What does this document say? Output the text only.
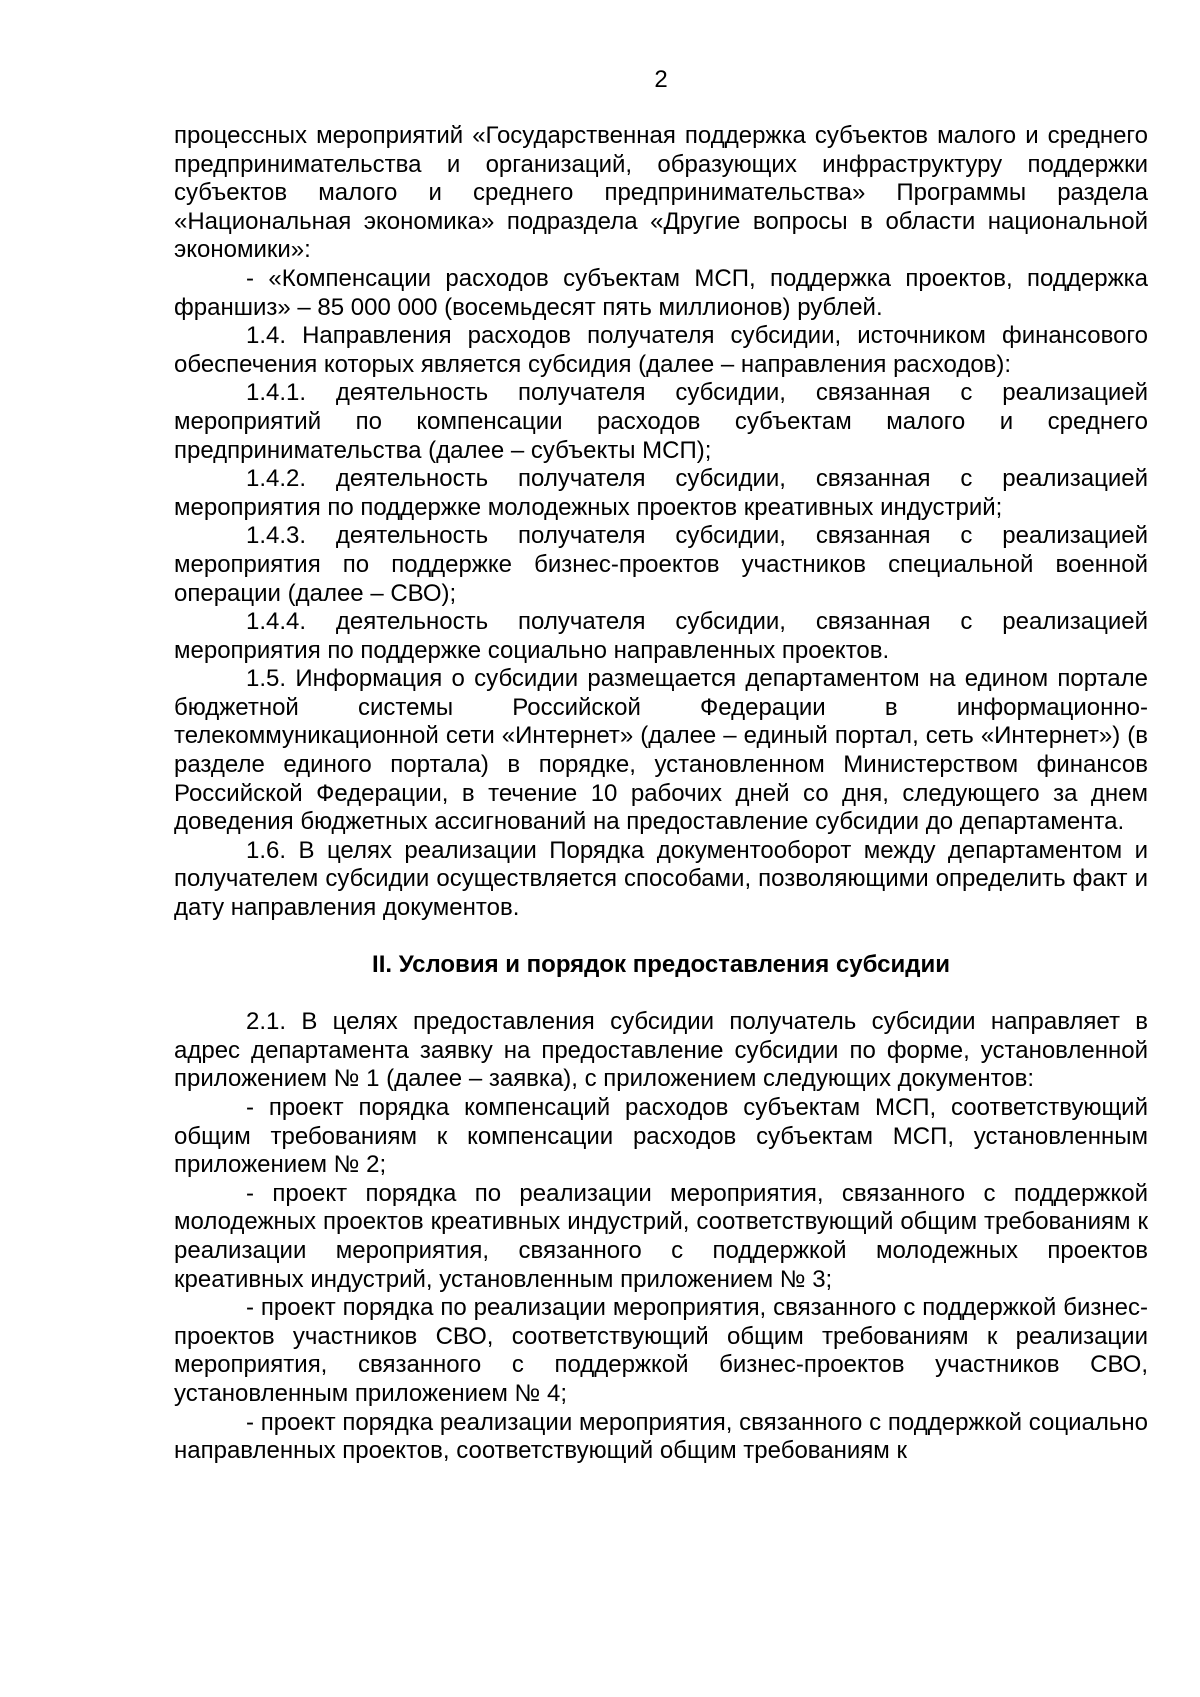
2

процессных мероприятий «Государственная поддержка субъектов малого и среднего предпринимательства и организаций, образующих инфраструктуру поддержки субъектов малого и среднего предпринимательства» Программы раздела «Национальная экономика» подраздела «Другие вопросы в области национальной экономики»:

- «Компенсации расходов субъектам МСП, поддержка проектов, поддержка франшиз» – 85 000 000 (восемьдесят пять миллионов) рублей.

1.4. Направления расходов получателя субсидии, источником финансового обеспечения которых является субсидия (далее – направления расходов):

1.4.1. деятельность получателя субсидии, связанная с реализацией мероприятий по компенсации расходов субъектам малого и среднего предпринимательства (далее – субъекты МСП);

1.4.2. деятельность получателя субсидии, связанная с реализацией мероприятия по поддержке молодежных проектов креативных индустрий;

1.4.3. деятельность получателя субсидии, связанная с реализацией мероприятия по поддержке бизнес-проектов участников специальной военной операции (далее – СВО);

1.4.4. деятельность получателя субсидии, связанная с реализацией мероприятия по поддержке социально направленных проектов.

1.5. Информация о субсидии размещается департаментом на едином портале бюджетной системы Российской Федерации в информационно-телекоммуникационной сети «Интернет» (далее – единый портал, сеть «Интернет») (в разделе единого портала) в порядке, установленном Министерством финансов Российской Федерации, в течение 10 рабочих дней со дня, следующего за днем доведения бюджетных ассигнований на предоставление субсидии до департамента.

1.6. В целях реализации Порядка документооборот между департаментом и получателем субсидии осуществляется способами, позволяющими определить факт и дату направления документов.

II. Условия и порядок предоставления субсидии

2.1. В целях предоставления субсидии получатель субсидии направляет в адрес департамента заявку на предоставление субсидии по форме, установленной приложением № 1 (далее – заявка), с приложением следующих документов:

- проект порядка компенсаций расходов субъектам МСП, соответствующий общим требованиям к компенсации расходов субъектам МСП, установленным приложением № 2;

- проект порядка по реализации мероприятия, связанного с поддержкой молодежных проектов креативных индустрий, соответствующий общим требованиям к реализации мероприятия, связанного с поддержкой молодежных проектов креативных индустрий, установленным приложением № 3;

- проект порядка по реализации мероприятия, связанного с поддержкой бизнес-проектов участников СВО, соответствующий общим требованиям к реализации мероприятия, связанного с поддержкой бизнес-проектов участников СВО, установленным приложением № 4;

- проект порядка реализации мероприятия, связанного с поддержкой социально направленных проектов, соответствующий общим требованиям к
